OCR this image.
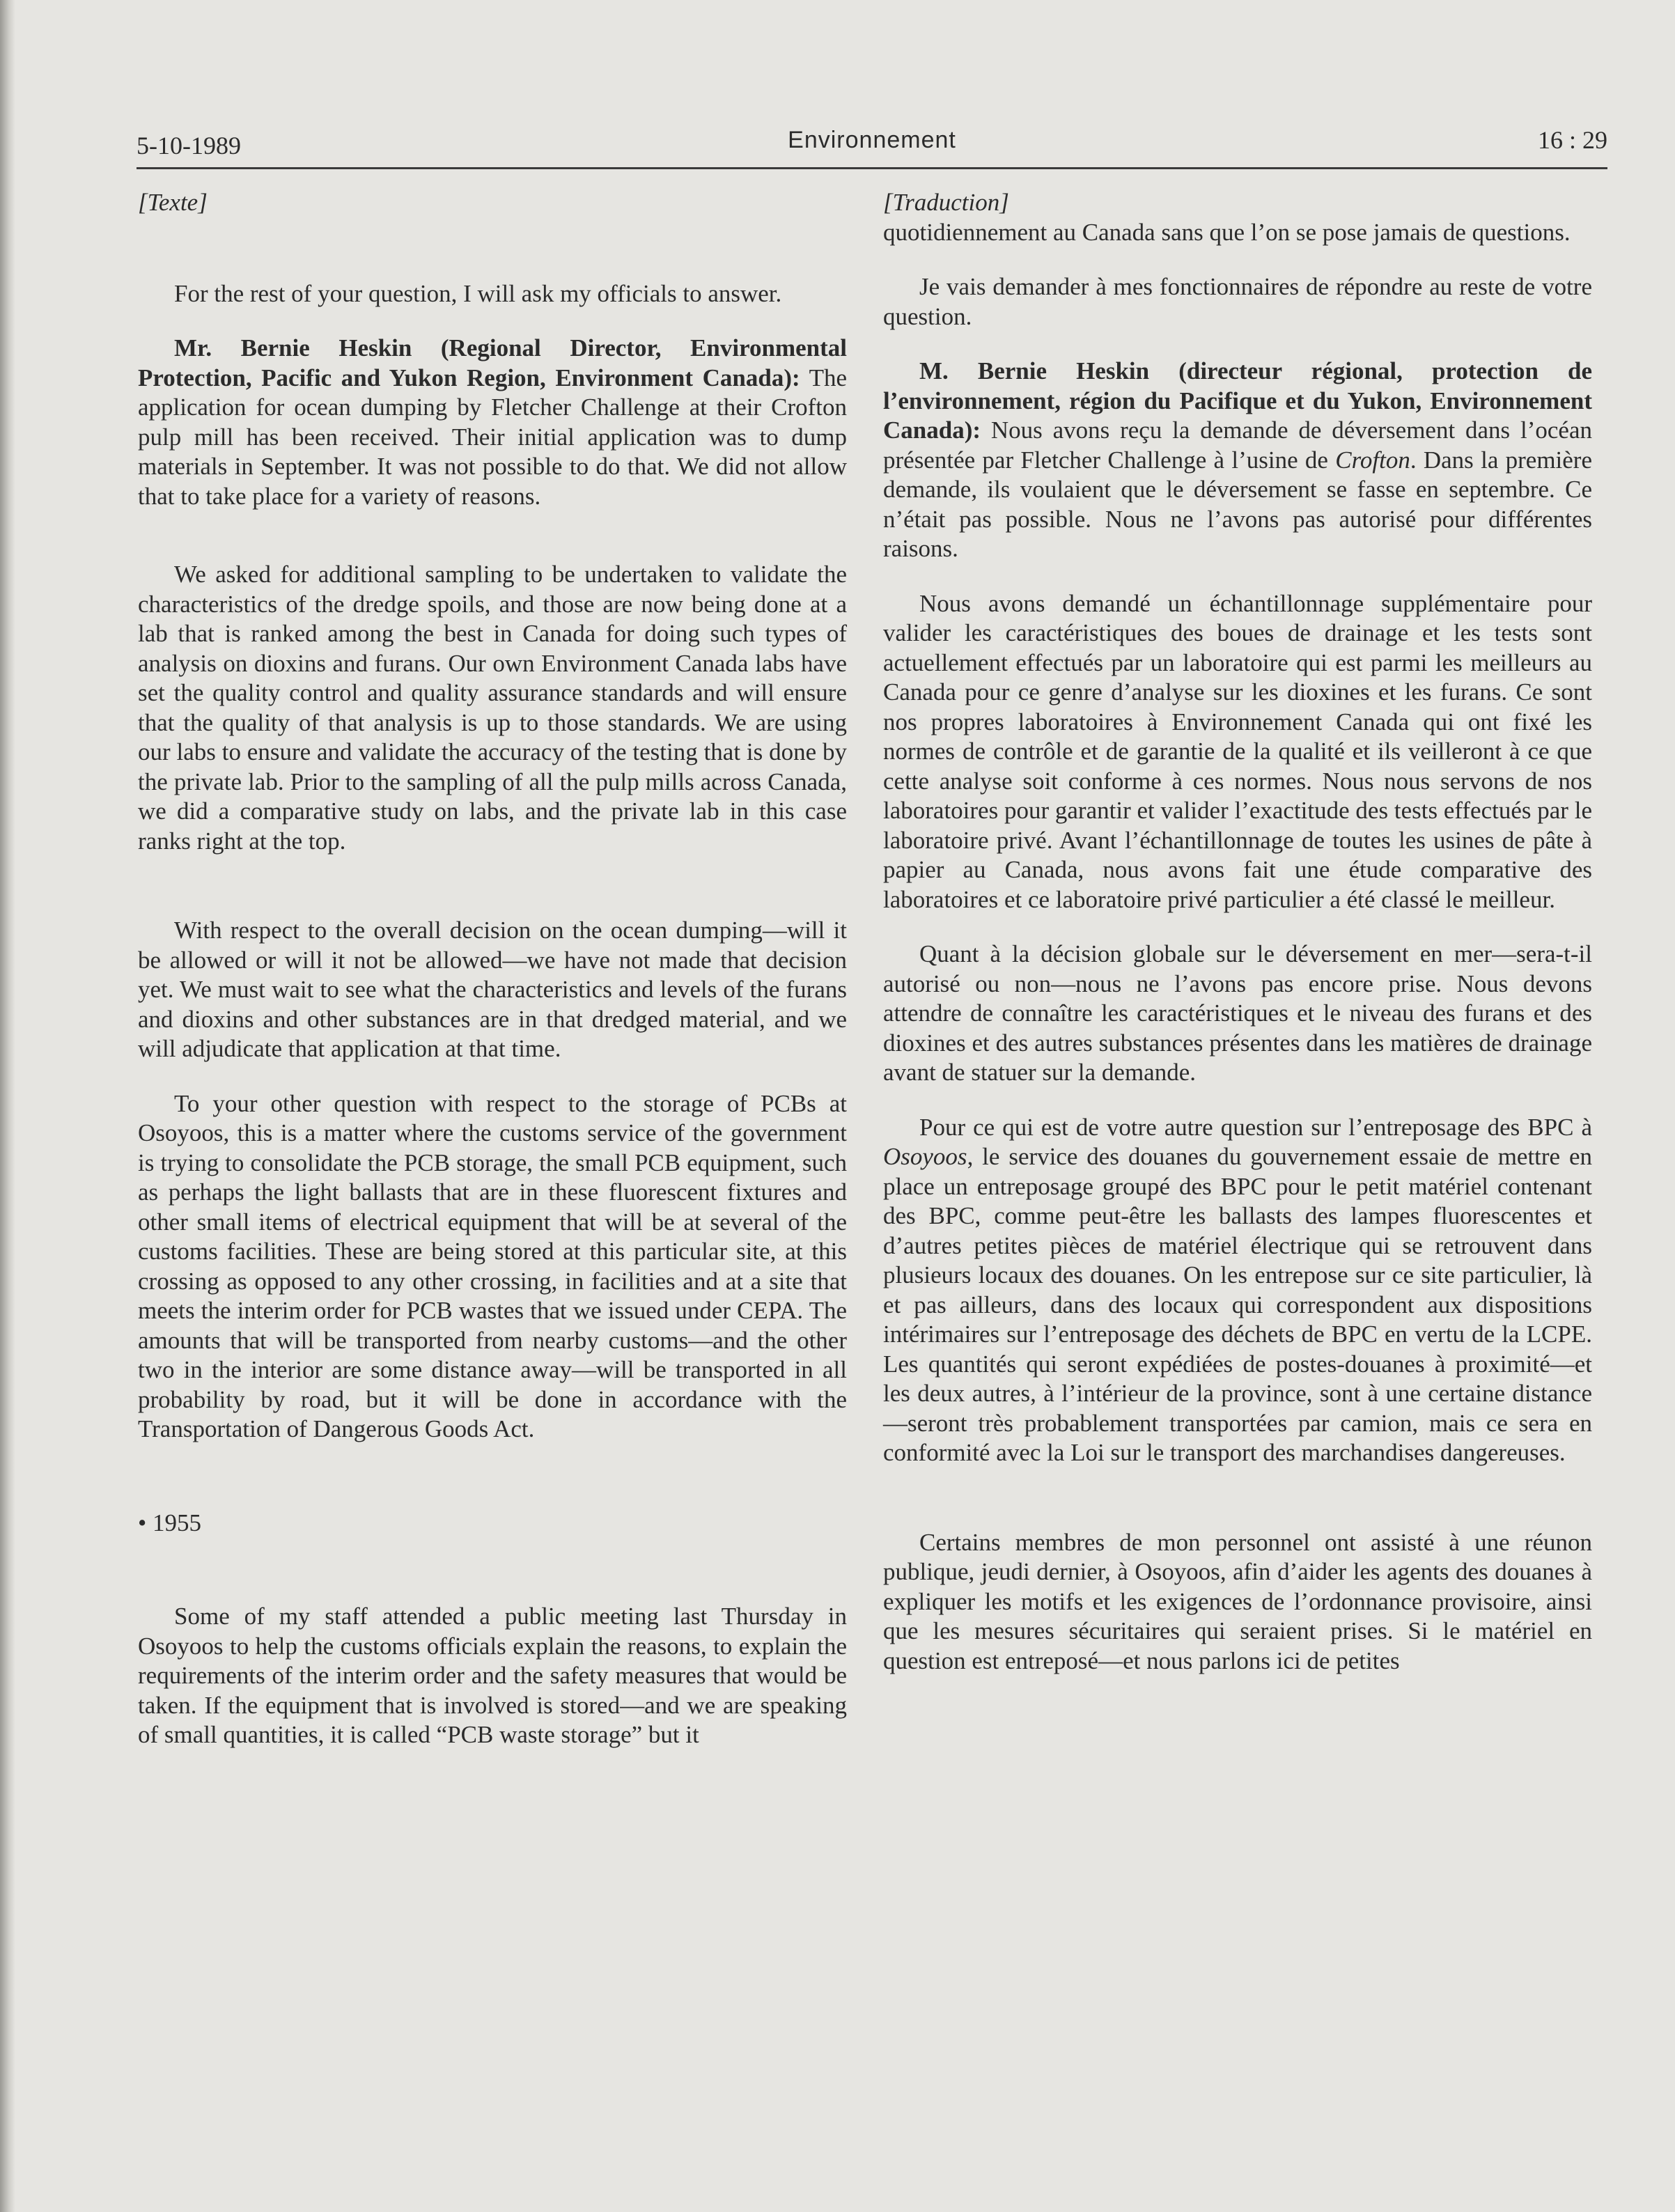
5-10-1989	Environnement	16 : 29

[Texte]

For the rest of your question, I will ask my officials to answer.

Mr. Bernie Heskin (Regional Director, Environmental Protection, Pacific and Yukon Region, Environment Canada): The application for ocean dumping by Fletcher Challenge at their Crofton pulp mill has been received. Their initial application was to dump materials in September. It was not possible to do that. We did not allow that to take place for a variety of reasons.

We asked for additional sampling to be undertaken to validate the characteristics of the dredge spoils, and those are now being done at a lab that is ranked among the best in Canada for doing such types of analysis on dioxins and furans. Our own Environment Canada labs have set the quality control and quality assurance standards and will ensure that the quality of that analysis is up to those standards. We are using our labs to ensure and validate the accuracy of the testing that is done by the private lab. Prior to the sampling of all the pulp mills across Canada, we did a comparative study on labs, and the private lab in this case ranks right at the top.

With respect to the overall decision on the ocean dumping—will it be allowed or will it not be allowed—we have not made that decision yet. We must wait to see what the characteristics and levels of the furans and dioxins and other substances are in that dredged material, and we will adjudicate that application at that time.

To your other question with respect to the storage of PCBs at Osoyoos, this is a matter where the customs service of the government is trying to consolidate the PCB storage, the small PCB equipment, such as perhaps the light ballasts that are in these fluorescent fixtures and other small items of electrical equipment that will be at several of the customs facilities. These are being stored at this particular site, at this crossing as opposed to any other crossing, in facilities and at a site that meets the interim order for PCB wastes that we issued under CEPA. The amounts that will be transported from nearby customs—and the other two in the interior are some distance away—will be transported in all probability by road, but it will be done in accordance with the Transportation of Dangerous Goods Act.

• 1955

Some of my staff attended a public meeting last Thursday in Osoyoos to help the customs officials explain the reasons, to explain the requirements of the interim order and the safety measures that would be taken. If the equipment that is involved is stored—and we are speaking of small quantities, it is called “PCB waste storage” but it

[Traduction]

quotidiennement au Canada sans que l’on se pose jamais de questions.

Je vais demander à mes fonctionnaires de répondre au reste de votre question.

M. Bernie Heskin (directeur régional, protection de l’environnement, région du Pacifique et du Yukon, Environnement Canada): Nous avons reçu la demande de déversement dans l’océan présentée par Fletcher Challenge à l’usine de Crofton. Dans la première demande, ils voulaient que le déversement se fasse en septembre. Ce n’était pas possible. Nous ne l’avons pas autorisé pour différentes raisons.

Nous avons demandé un échantillonnage supplémentaire pour valider les caractéristiques des boues de drainage et les tests sont actuellement effectués par un laboratoire qui est parmi les meilleurs au Canada pour ce genre d’analyse sur les dioxines et les furans. Ce sont nos propres laboratoires à Environnement Canada qui ont fixé les normes de contrôle et de garantie de la qualité et ils veilleront à ce que cette analyse soit conforme à ces normes. Nous nous servons de nos laboratoires pour garantir et valider l’exactitude des tests effectués par le laboratoire privé. Avant l’échantillonnage de toutes les usines de pâte à papier au Canada, nous avons fait une étude comparative des laboratoires et ce laboratoire privé particulier a été classé le meilleur.

Quant à la décision globale sur le déversement en mer—sera-t-il autorisé ou non—nous ne l’avons pas encore prise. Nous devons attendre de connaître les caractéristiques et le niveau des furans et des dioxines et des autres substances présentes dans les matières de drainage avant de statuer sur la demande.

Pour ce qui est de votre autre question sur l’entreposage des BPC à Osoyoos, le service des douanes du gouvernement essaie de mettre en place un entreposage groupé des BPC pour le petit matériel contenant des BPC, comme peut-être les ballasts des lampes fluorescentes et d’autres petites pièces de matériel électrique qui se retrouvent dans plusieurs locaux des douanes. On les entrepose sur ce site particulier, là et pas ailleurs, dans des locaux qui correspondent aux dispositions intérimaires sur l’entreposage des déchets de BPC en vertu de la LCPE. Les quantités qui seront expédiées de postes-douanes à proximité—et les deux autres, à l’intérieur de la province, sont à une certaine distance—seront très probablement transportées par camion, mais ce sera en conformité avec la Loi sur le transport des marchandises dangereuses.

Certains membres de mon personnel ont assisté à une réunon publique, jeudi dernier, à Osoyoos, afin d’aider les agents des douanes à expliquer les motifs et les exigences de l’ordonnance provisoire, ainsi que les mesures sécuritaires qui seraient prises. Si le matériel en question est entreposé—et nous parlons ici de petites
